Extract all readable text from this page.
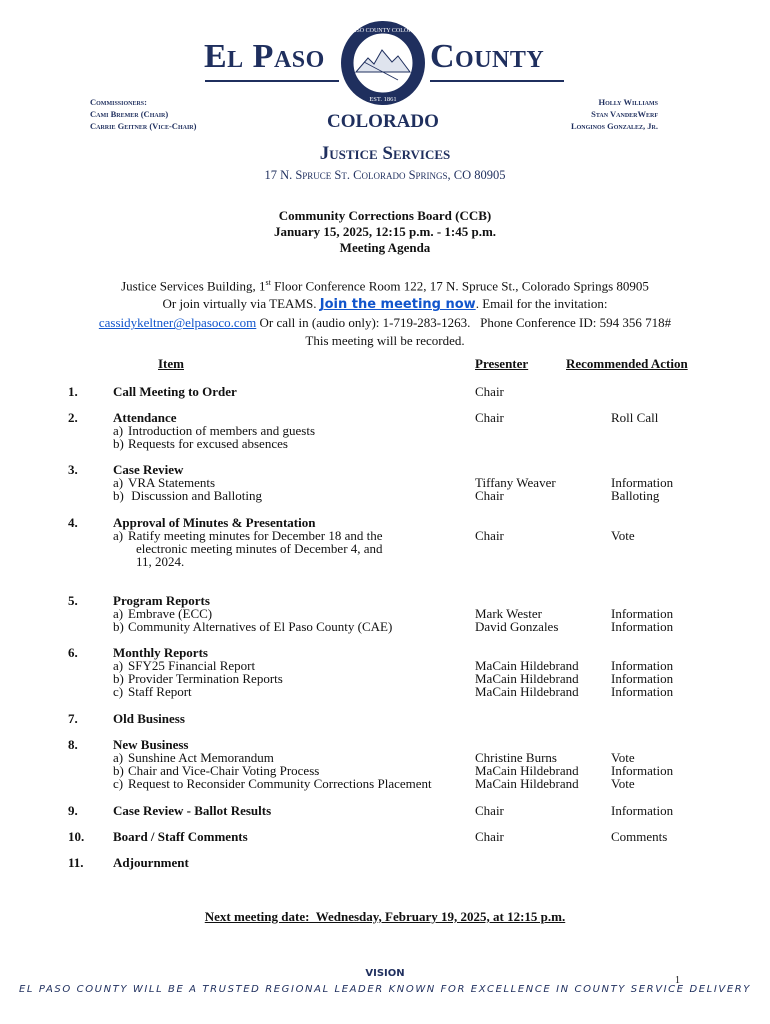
El Paso
EL PASO COUNTY COLORADO
EST. 1861
County
COLORADO
Commissioners:
Cami Bremer (Chair)
Carrie Geitner (Vice-Chair)
Holly Williams
Stan VanderWerf
Longinos Gonzalez, Jr.
Justice Services
17 N. Spruce St. Colorado Springs, CO 80905
Community Corrections Board (CCB)
January 15, 2025, 12:15 p.m. - 1:45 p.m.
Meeting Agenda
Justice Services Building, 1st Floor Conference Room 122, 17 N. Spruce St., Colorado Springs 80905
Or join virtually via TEAMS. Join the meeting now. Email for the invitation:
cassidykeltner@elpasoco.com Or call in (audio only): 1-719-283-1263.   Phone Conference ID: 594 356 718#
This meeting will be recorded.
Item	Presenter	Recommended Action
1.	Call Meeting to Order	Chair
2.	Attendance	Chair	Roll Call
a) Introduction of members and guests
b) Requests for excused absences
3.	Case Review
a) VRA Statements	Tiffany Weaver	Information
b) Discussion and Balloting	Chair	Balloting
4.	Approval of Minutes & Presentation
a) Ratify meeting minutes for December 18 and the
electronic meeting minutes of December 4, and
11, 2024.
Chair	Vote
5.	Program Reports
a) Embrave (ECC)	Mark Wester	Information
b) Community Alternatives of El Paso County (CAE)	David Gonzales	Information
6.	Monthly Reports
a) SFY25 Financial Report	MaCain Hildebrand Information
b) Provider Termination Reports	MaCain Hildebrand Information
c) Staff Report	MaCain Hildebrand Information
7.	Old Business
8.	New Business
a) Sunshine Act Memorandum	Christine Burns	Vote
b) Chair and Vice-Chair Voting Process	MaCain Hildebrand Information
c) Request to Reconsider Community Corrections Placement	MaCain Hildebrand Vote
9.	Case Review - Ballot Results	Chair	Information
10. Board / Staff Comments	Chair	Comments
11. Adjournment
Next meeting date:  Wednesday, February 19, 2025, at 12:15 p.m.
VISION
EL PASO COUNTY WILL BE A TRUSTED REGIONAL LEADER KNOWN FOR EXCELLENCE IN COUNTY SERVICE DELIVERY
1
